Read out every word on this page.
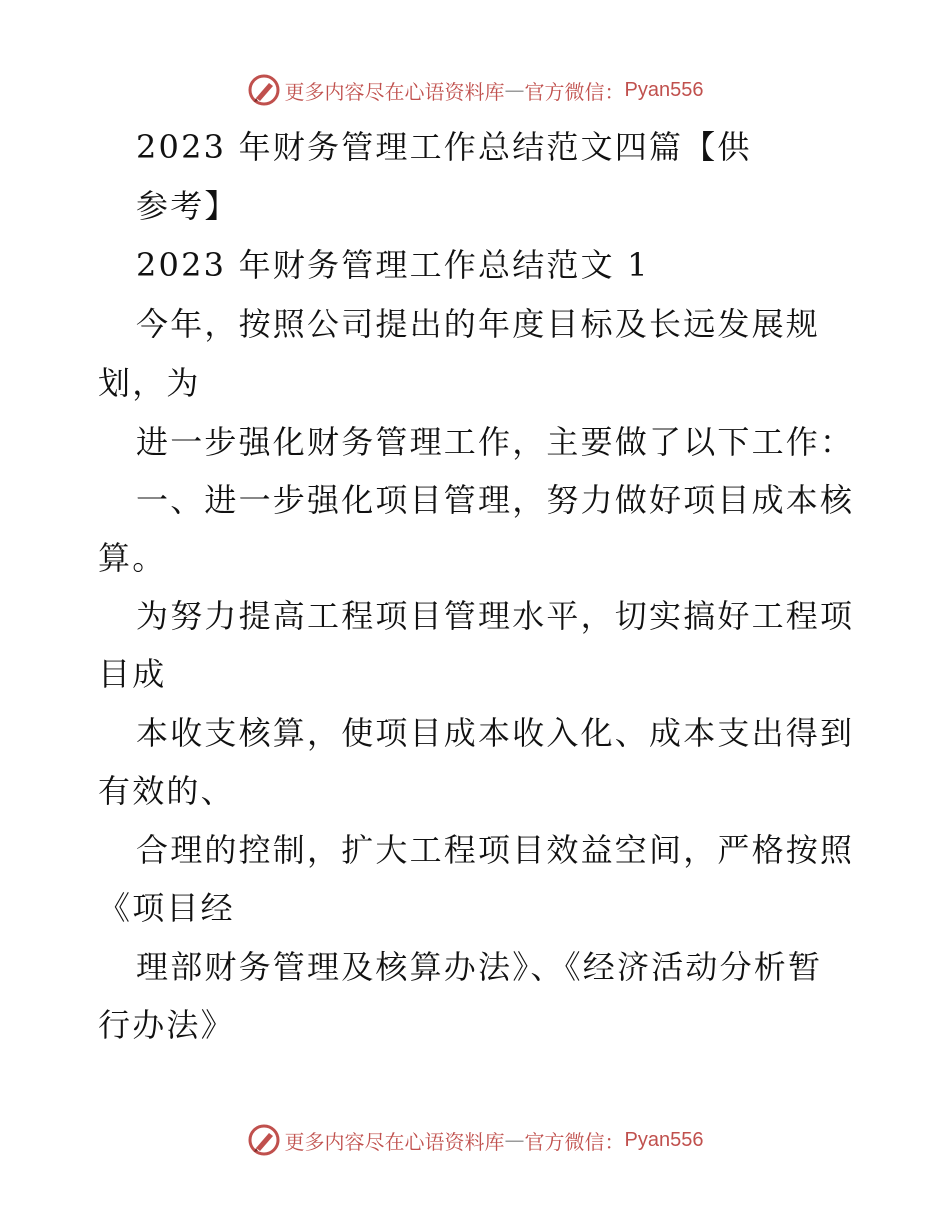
更多内容尽在心语资料库 — 官方微信： Pyan556
2023 年财务管理工作总结范文四篇【供
参考】
2023 年财务管理工作总结范文 1
今年，按照公司提出的年度目标及长远发展规
划，为
进一步强化财务管理工作，主要做了以下工作：
一、进一步强化项目管理，努力做好项目成本核
算。
为努力提高工程项目管理水平，切实搞好工程项
目成
本收支核算，使项目成本收入化、成本支出得到
有效的、
合理的控制，扩大工程项目效益空间，严格按照
《项目经
理部财务管理及核算办法》、《经济活动分析暂
行办法》
更多内容尽在心语资料库 — 官方微信： Pyan556
